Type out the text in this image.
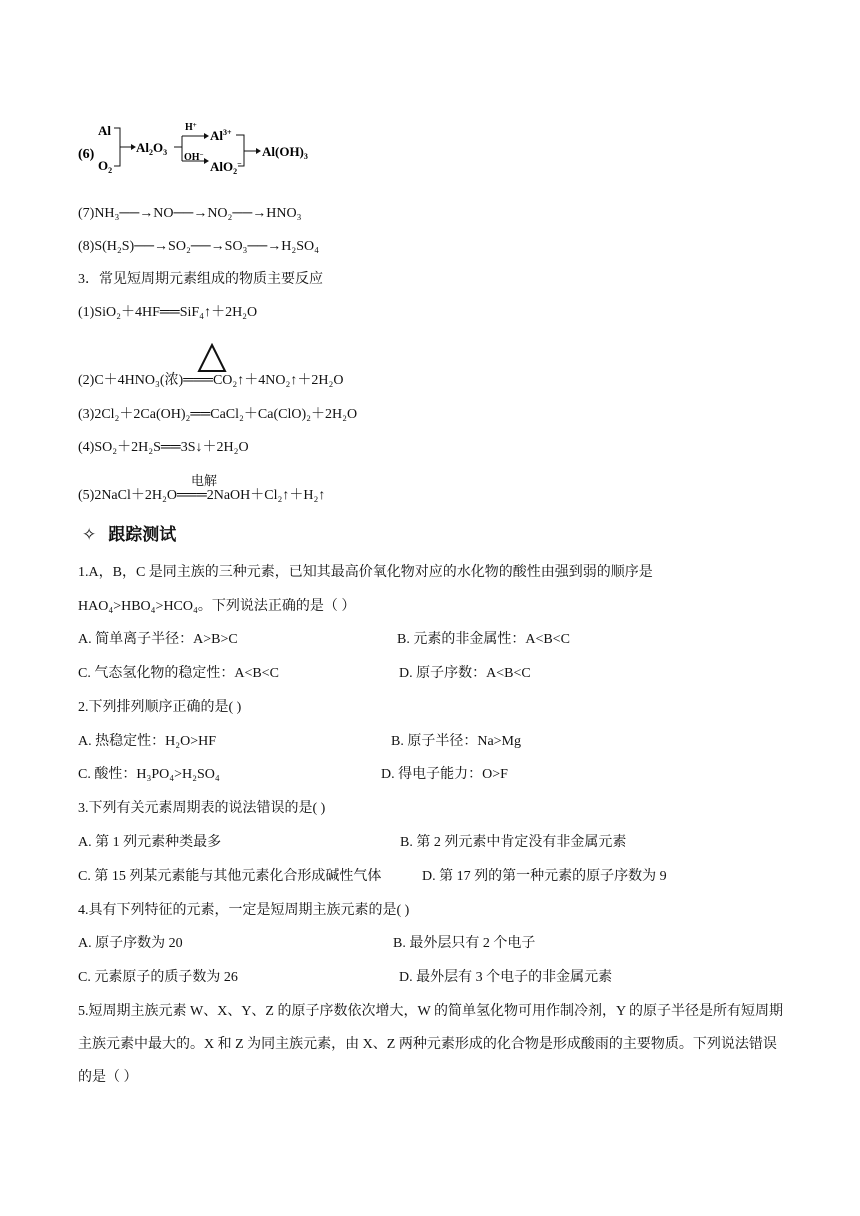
(6)
Al
$O_2$
$Al_2O_3$
H+
OH−
$Al^{3+}$
AlO$_2$−
$Al(OH)_3$
(7)NH₃──→NO──→NO₂──→HNO₃
(8)S(H₂S)──→SO₂──→SO₃──→H₂SO₄
3．常见短周期元素组成的物质主要反应
(1)SiO₂＋4HF══SiF₄↑＋2H₂O
(2)C＋4HNO₃(浓)═══CO₂↑＋4NO₂↑＋2H₂O
(3)2Cl₂＋2Ca(OH)₂══CaCl₂＋Ca(ClO)₂＋2H₂O
(4)SO₂＋2H₂S══3S↓＋2H₂O
电解
(5)2NaCl＋2H₂O═══2NaOH＋Cl₂↑＋H₂↑
✧ 跟踪测试
1.A，B，C 是同主族的三种元素，已知其最高价氧化物对应的水化物的酸性由强到弱的顺序是
HAO₄>HBO₄>HCO₄。下列说法正确的是（ ）
A. 简单离子半径：A>B>C	B. 元素的非金属性：A<B<C
C. 气态氢化物的稳定性：A<B<C	D. 原子序数：A<B<C
2.下列排列顺序正确的是( )
A. 热稳定性：H₂O>HF	B. 原子半径：Na>Mg
C. 酸性：H₃PO₄>H₂SO₄	D. 得电子能力：O>F
3.下列有关元素周期表的说法错误的是( )
A. 第 1 列元素种类最多	B. 第 2 列元素中肯定没有非金属元素
C. 第 15 列某元素能与其他元素化合形成碱性气体	D. 第 17 列的第一种元素的原子序数为 9
4.具有下列特征的元素，一定是短周期主族元素的是( )
A. 原子序数为 20	B. 最外层只有 2 个电子
C. 元素原子的质子数为 26	D. 最外层有 3 个电子的非金属元素
5.短周期主族元素 W、X、Y、Z 的原子序数依次增大，W 的简单氢化物可用作制冷剂，Y 的原子半径是所有短周期主族元素中最大的。X 和 Z 为同主族元素，由 X、Z 两种元素形成的化合物是形成酸雨的主要物质。下列说法错误的是（ ）
